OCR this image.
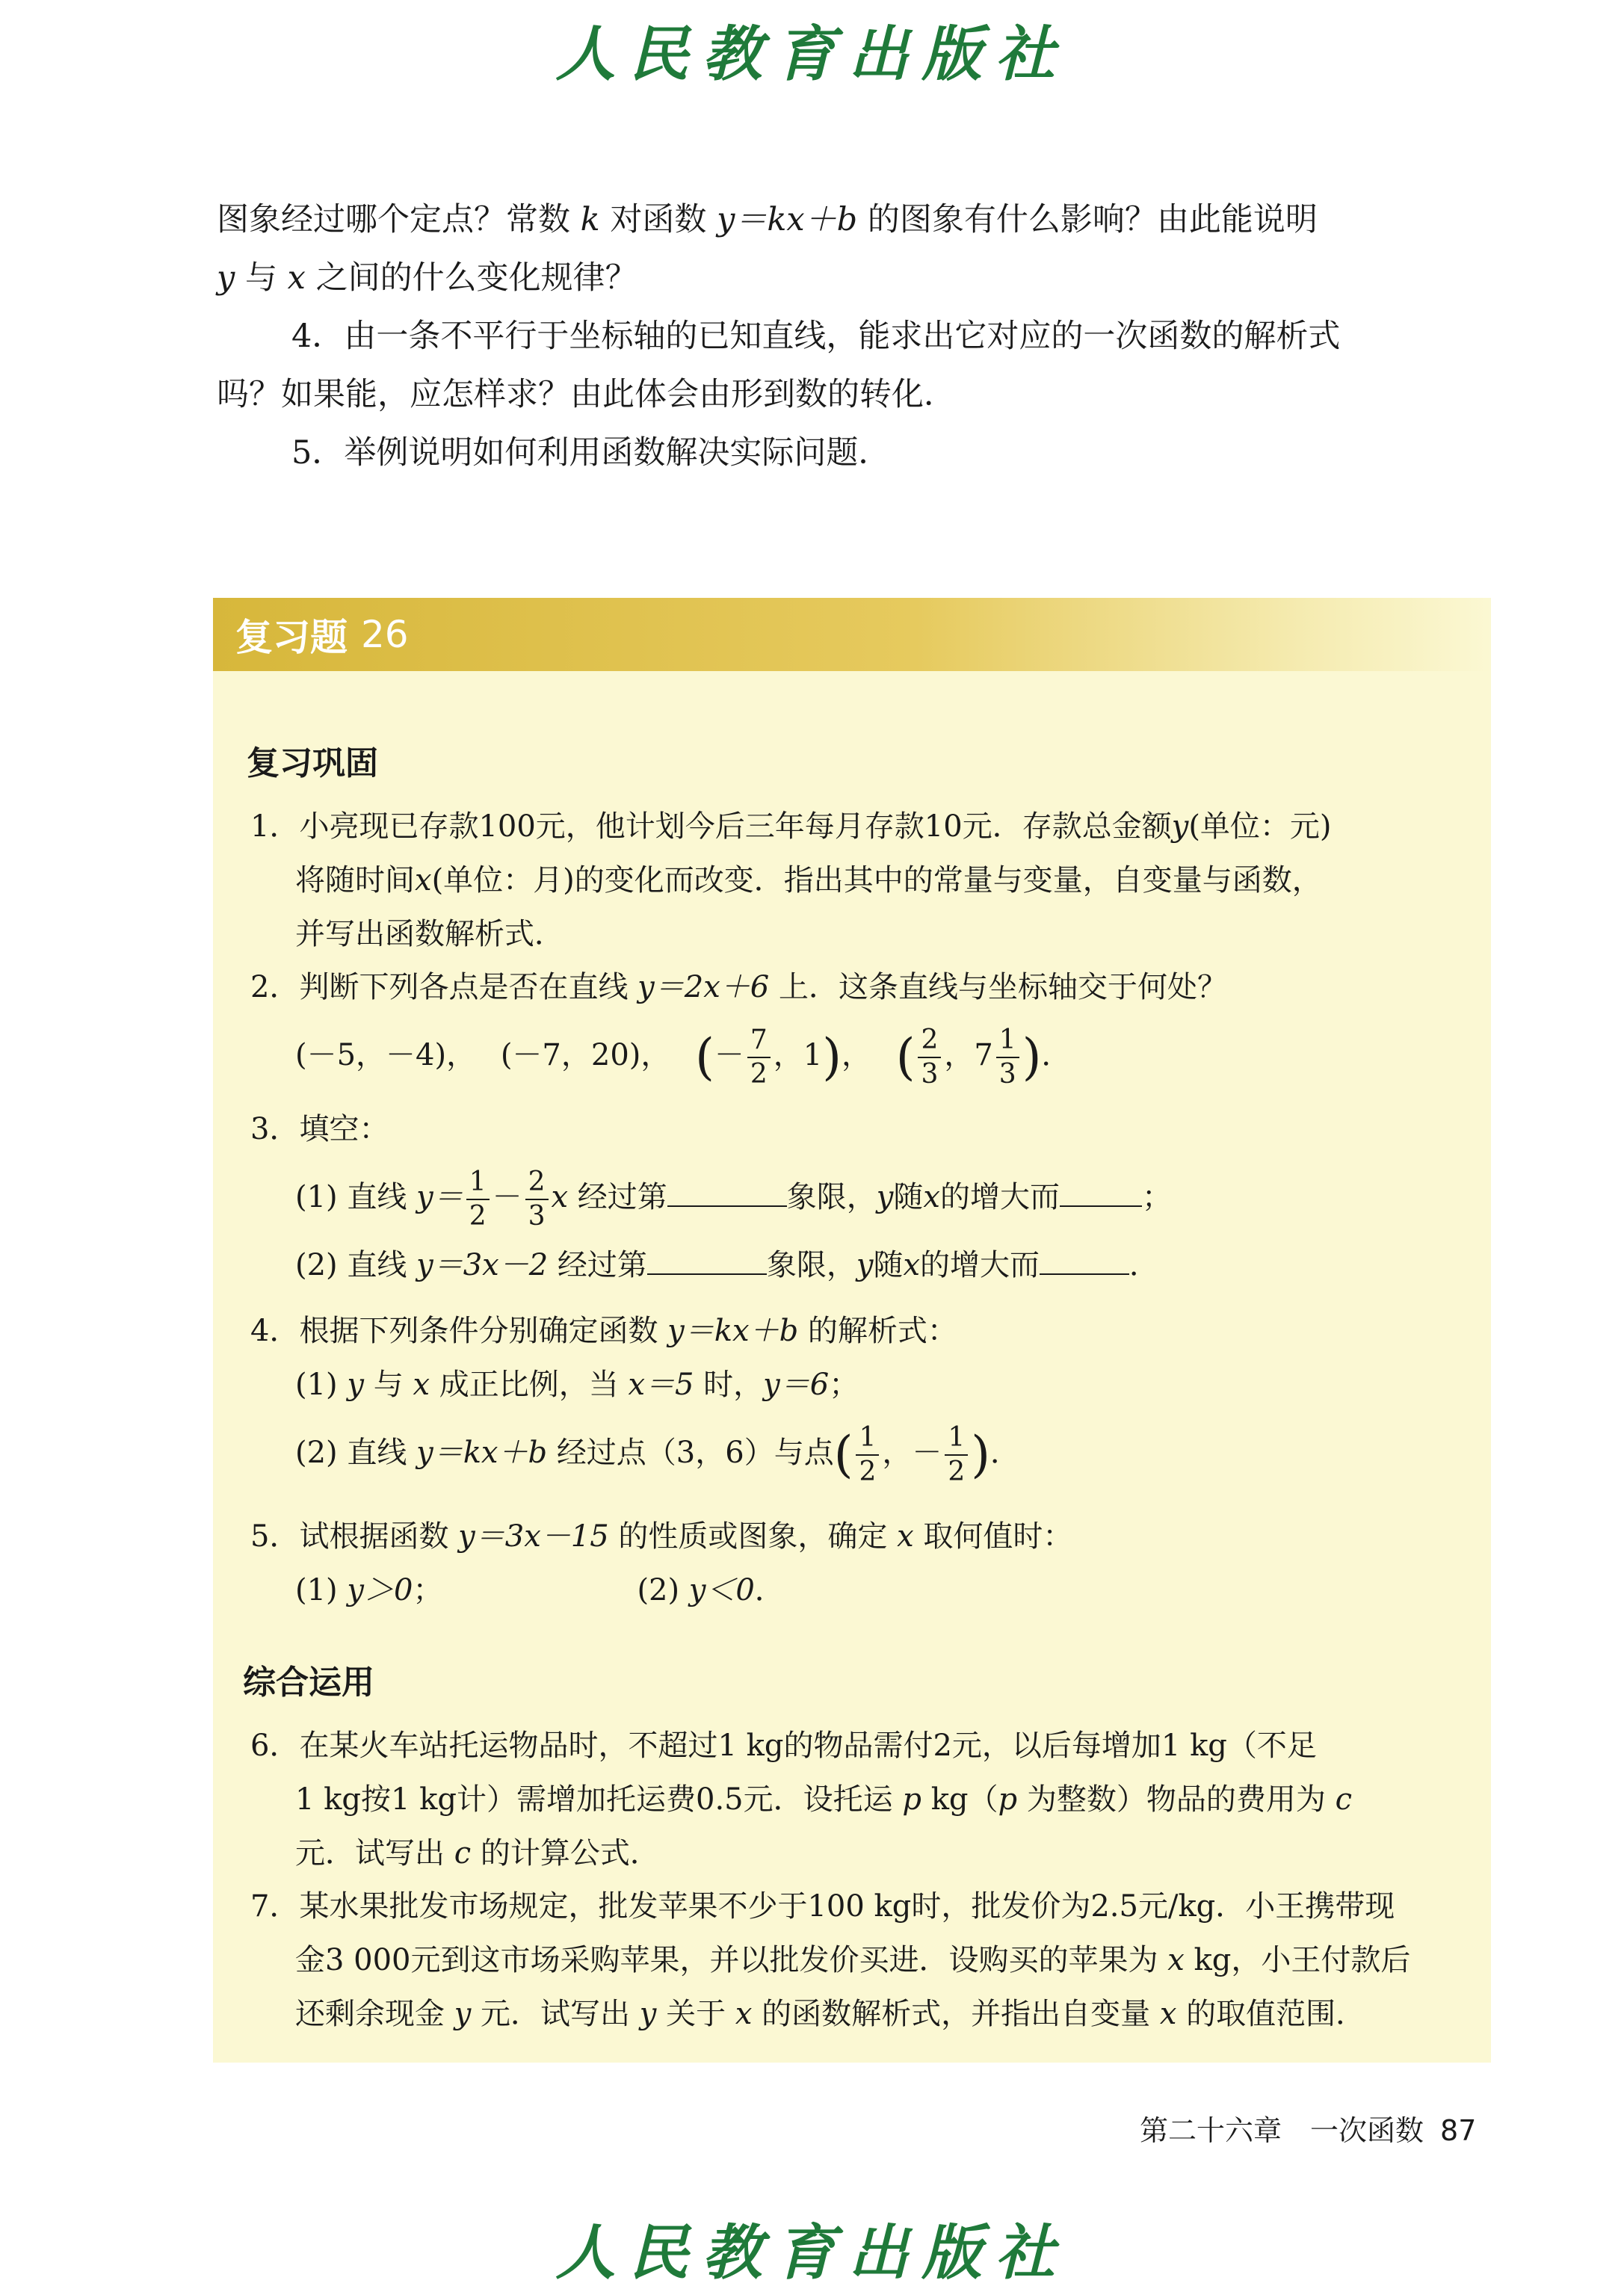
人民教育出版社

图象经过哪个定点？常数 k 对函数 y＝kx＋b 的图象有什么影响？由此能说明

y 与 x 之间的什么变化规律？

4．由一条不平行于坐标轴的已知直线，能求出它对应的一次函数的解析式

吗？如果能，应怎样求？由此体会由形到数的转化．

5．举例说明如何利用函数解决实际问题．

复习题 26
复习巩固

1．小亮现已存款100元，他计划今后三年每月存款10元．存款总金额y(单位：元)

将随时间x(单位：月)的变化而改变．指出其中的常量与变量，自变量与函数，

并写出函数解析式．

2．判断下列各点是否在直线 y＝2x＋6 上．这条直线与坐标轴交于何处？

(－5，－4)，　 (－7，20)，　 (－ $\frac{7}{2}$ ，1)，　 ( $\frac{2}{3}$ ，$7 \frac{1}{3}$ )．

3．填空：

(1) 直线 $y= \frac{1}{2} - \frac{2}{3}$ x 经过第	象限，y随x的增大而	；

(2) 直线 y＝3x－2 经过第	象限，y随x的增大而	．

4．根据下列条件分别确定函数 y＝kx＋b 的解析式：

(1) y 与 x 成正比例，当 x＝5 时，y＝6；

(2) 直线 y＝kx＋b 经过点（3，6）与点( $\frac{1}{2}$ ，－ $\frac{1}{2}$ )．

5．试根据函数 y＝3x－15 的性质或图象，确定 x 取何值时：

(1) y＞0；	(2) y＜0．

综合运用

6．在某火车站托运物品时，不超过1 kg的物品需付2元，以后每增加1 kg（不足

1 kg按1 kg计）需增加托运费0.5元．设托运 p kg（p 为整数）物品的费用为 c

元．试写出 c 的计算公式．

7．某水果批发市场规定，批发苹果不少于100 kg时，批发价为2.5元/kg．小王携带现

金3 000元到这市场采购苹果，并以批发价买进．设购买的苹果为 x kg，小王付款后

还剩余现金 y 元．试写出 y 关于 x 的函数解析式，并指出自变量 x 的取值范围．

第二十六章　一次函数 87
人民教育出版社
